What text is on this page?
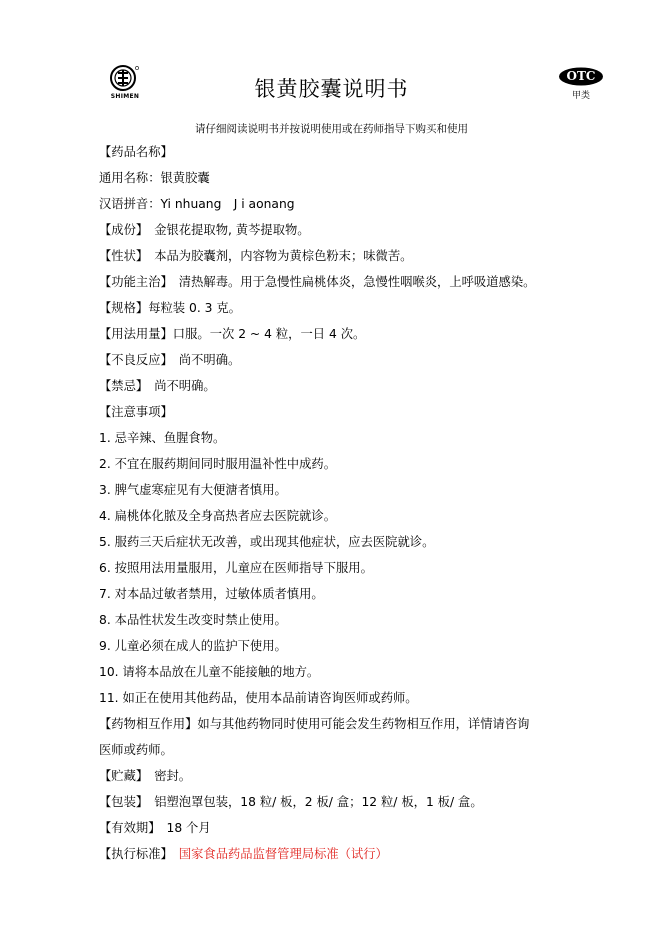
SHIMEN	银黄胶囊说明书
OTC
甲类
请仔细阅读说明书并按说明使用或在药师指导下购买和使用
【药品名称】
通用名称：银黄胶囊
汉语拼音：Yi nhuang　J i aonang
【成份】 金银花提取物, 黄芩提取物。
【性状】 本品为胶囊剂，内容物为黄棕色粉末；味微苦。
【功能主治】 清热解毒。用于急慢性扁桃体炎，急慢性咽喉炎，上呼吸道感染。
【规格】每粒装 0. 3 克。
【用法用量】口服。一次 2 ~ 4 粒，一日 4 次。
【不良反应】 尚不明确。
【禁忌】 尚不明确。
【注意事项】
1. 忌辛辣、鱼腥食物。
2. 不宜在服药期间同时服用温补性中成药。
3. 脾气虚寒症见有大便溏者慎用。
4. 扁桃体化脓及全身高热者应去医院就诊。
5. 服药三天后症状无改善，或出现其他症状，应去医院就诊。
6. 按照用法用量服用，儿童应在医师指导下服用。
7. 对本品过敏者禁用，过敏体质者慎用。
8. 本品性状发生改变时禁止使用。
9. 儿童必须在成人的监护下使用。
10. 请将本品放在儿童不能接触的地方。
11. 如正在使用其他药品，使用本品前请咨询医师或药师。
【药物相互作用】如与其他药物同时使用可能会发生药物相互作用，详情请咨询
医师或药师。
【贮藏】 密封。
【包装】 铝塑泡罩包装，18 粒/ 板，2 板/ 盒；12 粒/ 板，1 板/ 盒。
【有效期】 18 个月
【执行标准】 国家食品药品监督管理局标准（试行）
